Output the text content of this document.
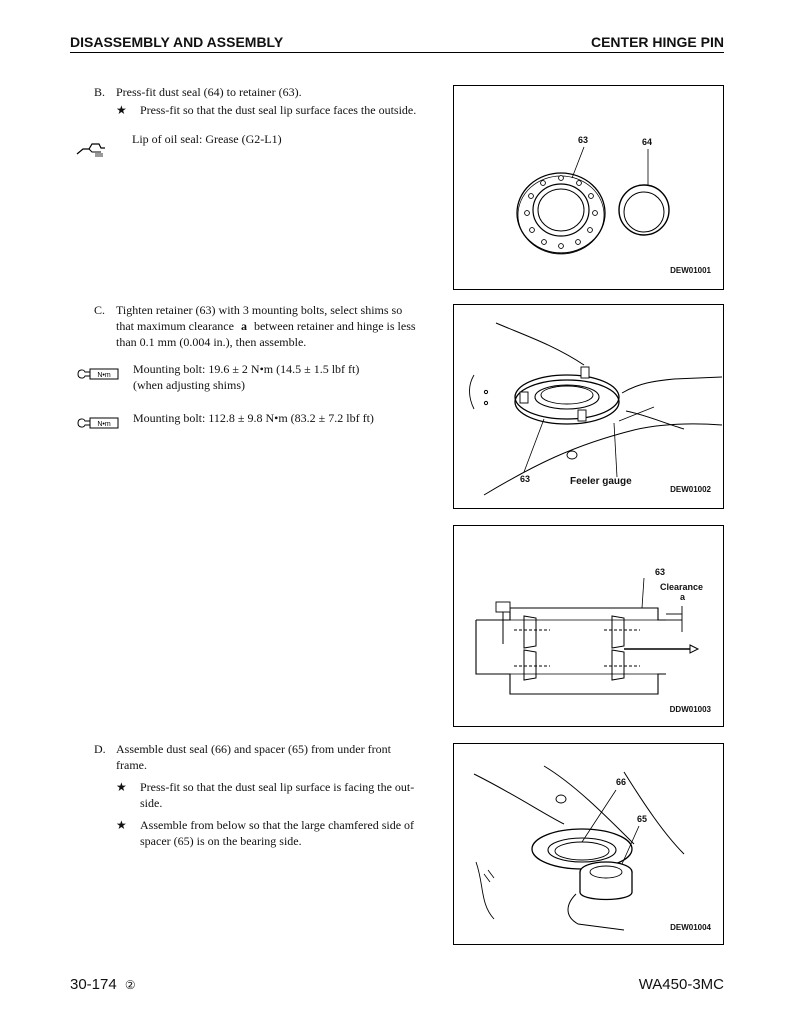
DISASSEMBLY AND ASSEMBLY	CENTER HINGE PIN
B. Press-fit dust seal (64) to retainer (63).
★	Press-fit so that the dust seal lip surface faces the outside.
Lip of oil seal: Grease (G2-L1)
C. Tighten retainer (63) with 3 mounting bolts, select shims so
that maximum clearance a between retainer and hinge is less
than 0.1 mm (0.004 in.), then assemble.
N•m Mounting bolt: 19.6 ± 2 N•m (14.5 ± 1.5 lbf ft)
(when adjusting shims)
N•m Mounting bolt: 112.8 ± 9.8 N•m (83.2 ± 7.2 lbf ft)
D. Assemble dust seal (66) and spacer (65) from under front
frame.
★	Press-fit so that the dust seal lip surface is facing the out-
side.
★	Assemble from below so that the large chamfered side of
spacer (65) is on the bearing side.
63	64
DEW01001
63	Feeler gauge
DEW01002
63
Clearance
a
DDW01003
66
65
DEW01004
30-174 ②	WA450-3MC
